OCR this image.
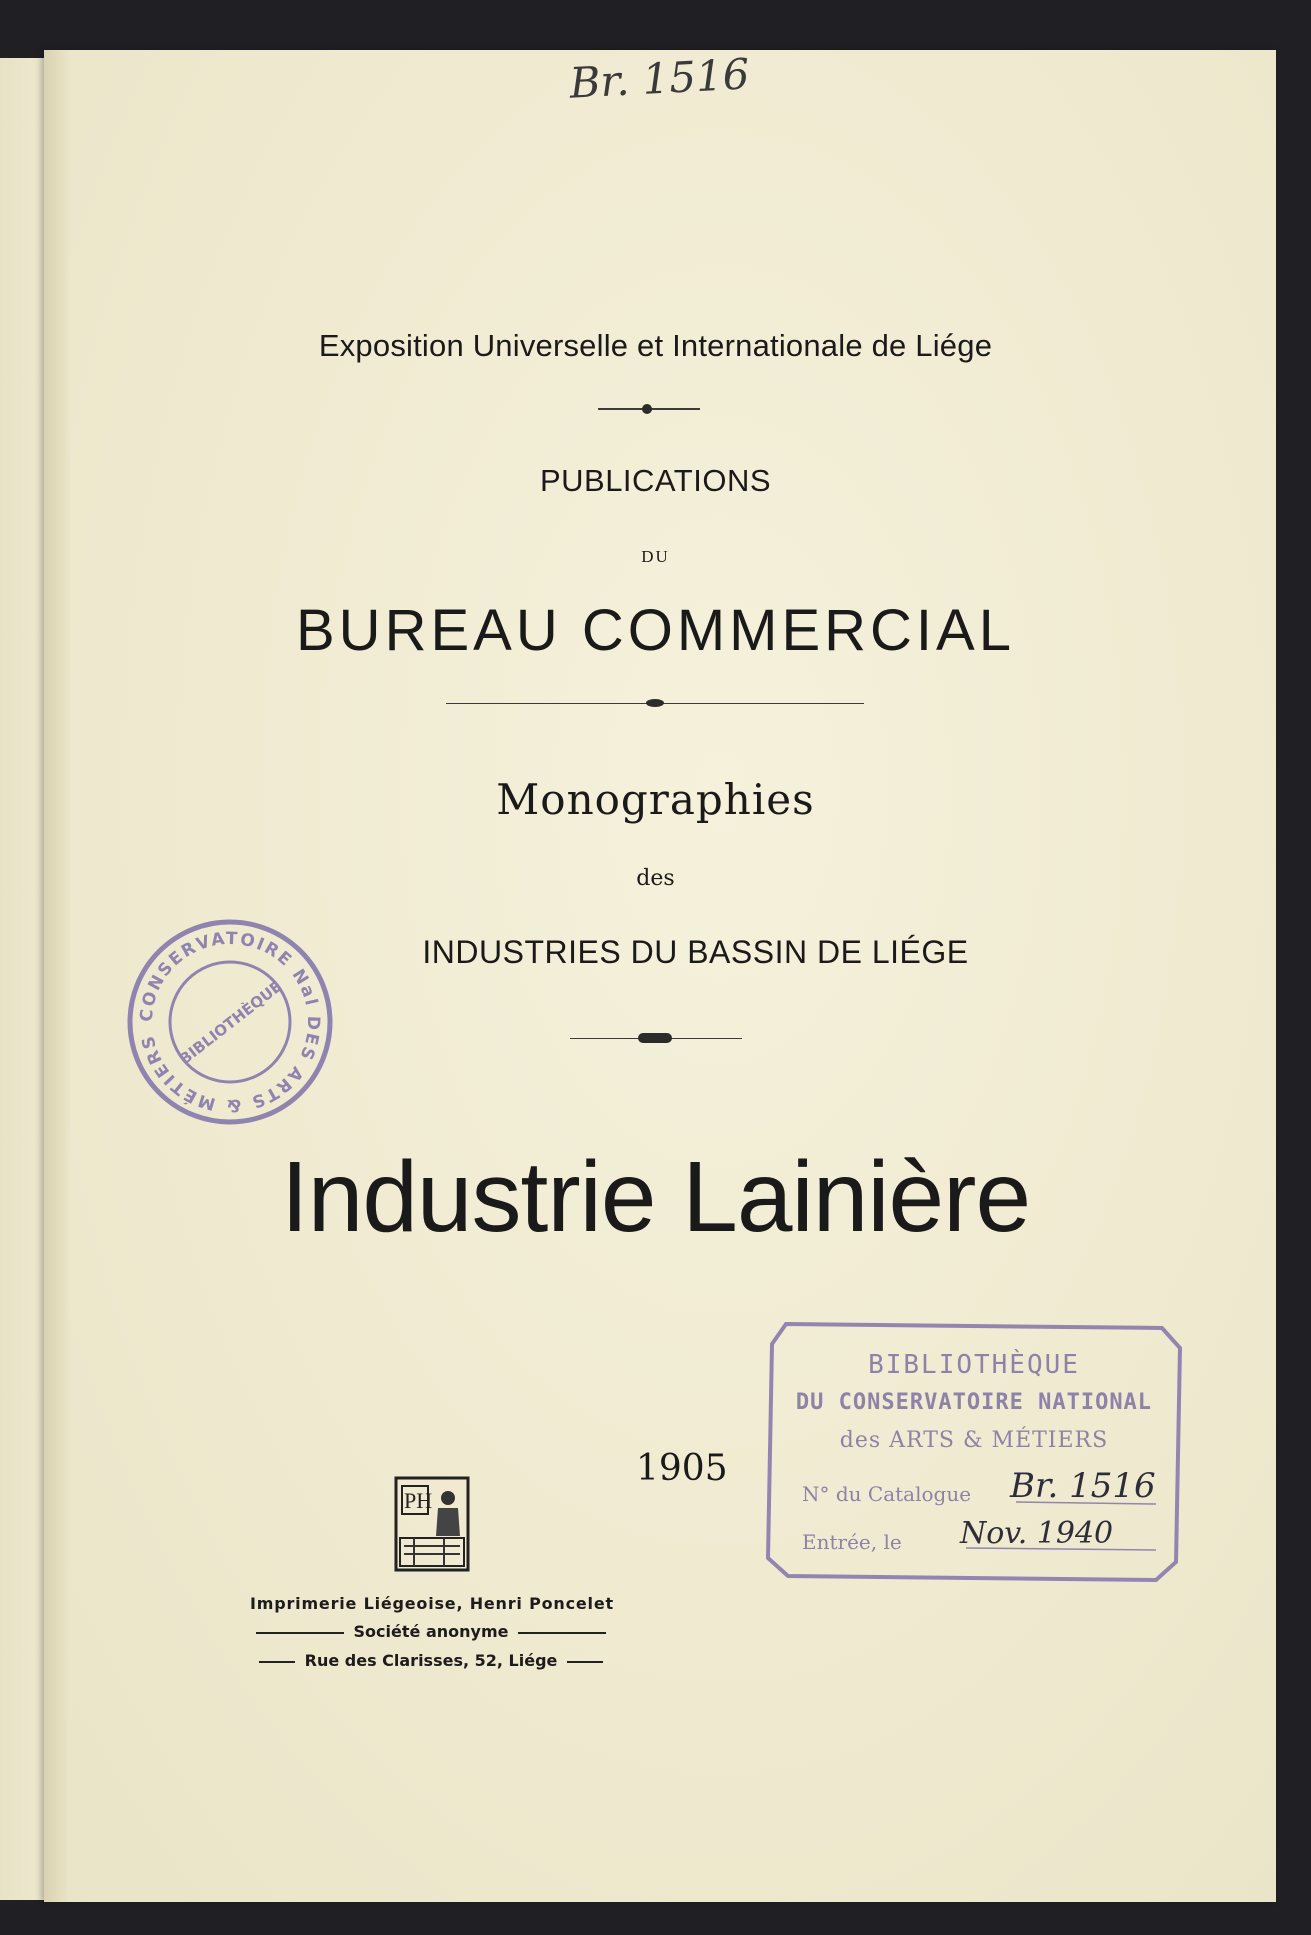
Br. 1516
Exposition Universelle et Internationale de Liége
PUBLICATIONS
DU
BUREAU COMMERCIAL
Monographies
des
INDUSTRIES DU BASSIN DE LIÉGE
Industrie Lainière
1905
PH
Imprimerie Liégeoise, Henri Poncelet
Société anonyme
Rue des Clarisses, 52, Liége
CONSERVATOIRE Nal DES ARTS & MÉTIERS	BIBLIOTHÈQUE
BIBLIOTHÈQUE
DU CONSERVATOIRE NATIONAL
des ARTS & MÉTIERS
N° du Catalogue Br. 1516
Entrée, le Nov. 1940
